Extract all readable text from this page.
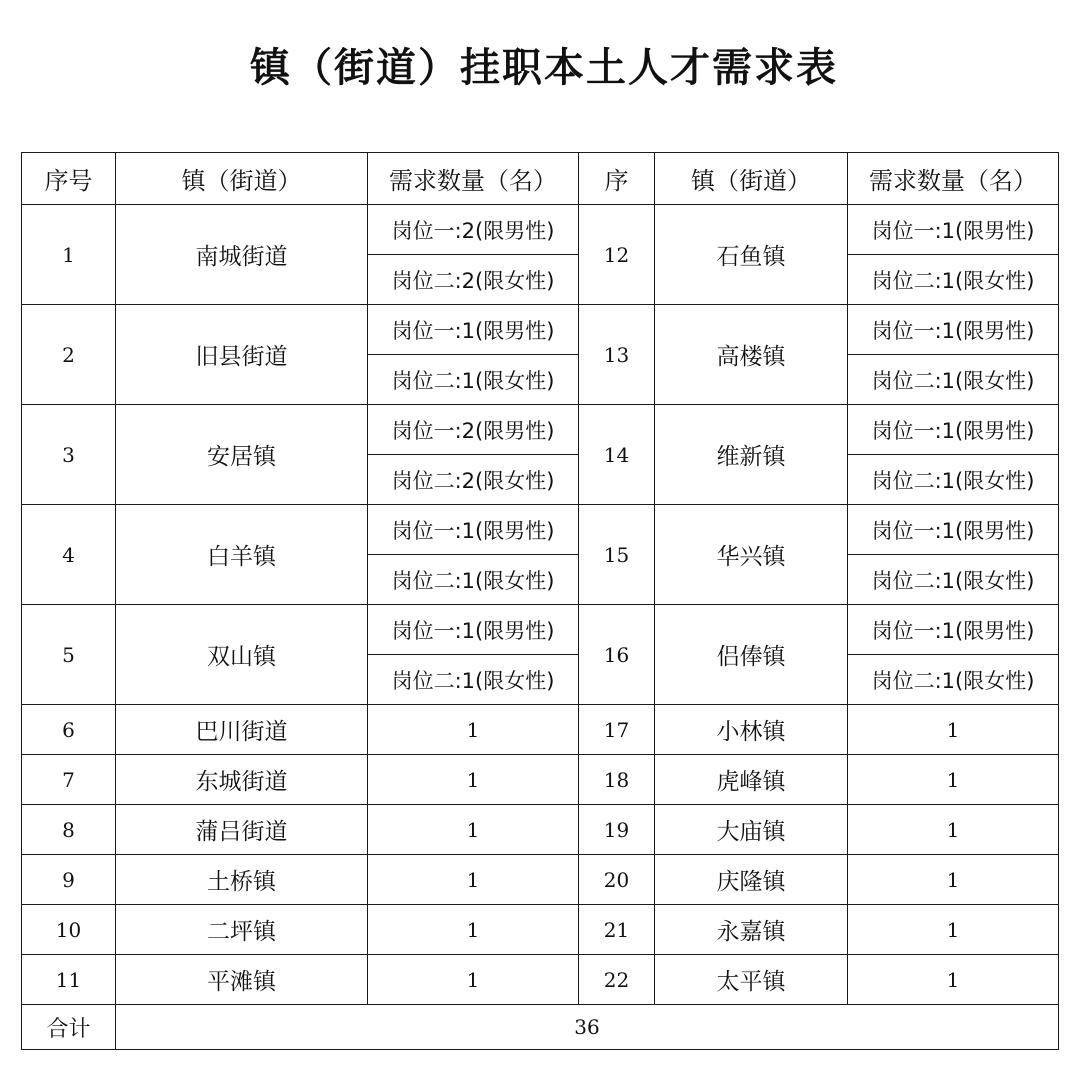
镇（街道）挂职本土人才需求表
序号	镇（街道）	需求数量（名）	序	镇（街道）	需求数量（名）
1	南城街道	岗位一:2(限男性)	12	石鱼镇	岗位一:1(限男性)
		岗位二:2(限女性)			岗位二:1(限女性)
2	旧县街道	岗位一:1(限男性)	13	高楼镇	岗位一:1(限男性)
		岗位二:1(限女性)			岗位二:1(限女性)
3	安居镇	岗位一:2(限男性)	14	维新镇	岗位一:1(限男性)
		岗位二:2(限女性)			岗位二:1(限女性)
4	白羊镇	岗位一:1(限男性)	15	华兴镇	岗位一:1(限男性)
		岗位二:1(限女性)			岗位二:1(限女性)
5	双山镇	岗位一:1(限男性)	16	侣俸镇	岗位一:1(限男性)
		岗位二:1(限女性)			岗位二:1(限女性)
6	巴川街道	1	17	小林镇	1
7	东城街道	1	18	虎峰镇	1
8	蒲吕街道	1	19	大庙镇	1
9	土桥镇	1	20	庆隆镇	1
10	二坪镇	1	21	永嘉镇	1
11	平滩镇	1	22	太平镇	1
合计	36				
